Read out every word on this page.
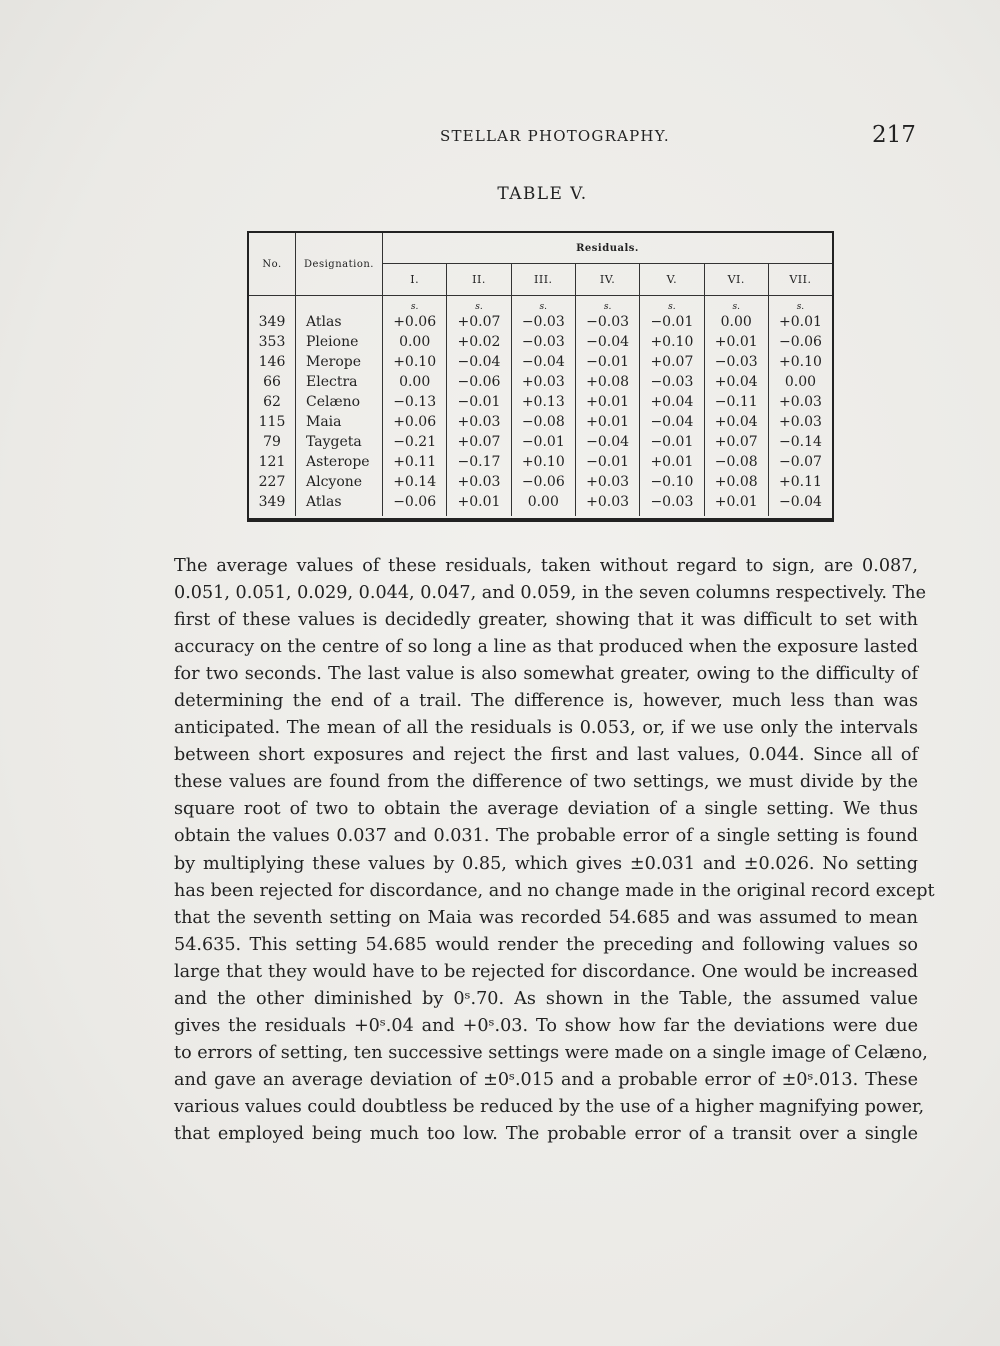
STELLAR PHOTOGRAPHY.	217
TABLE V.
No.	Designation.	Residuals.						
		I.	II.	III.	IV.	V.	VI.	VII.
		s.	s.	s.	s.	s.	s.	s.
349	Atlas	+0.06	+0.07	−0.03	−0.03	−0.01	0.00	+0.01
353	Pleione	0.00	+0.02	−0.03	−0.04	+0.10	+0.01	−0.06
146	Merope	+0.10	−0.04	−0.04	−0.01	+0.07	−0.03	+0.10
66	Electra	0.00	−0.06	+0.03	+0.08	−0.03	+0.04	0.00
62	Celæno	−0.13	−0.01	+0.13	+0.01	+0.04	−0.11	+0.03
115	Maia	+0.06	+0.03	−0.08	+0.01	−0.04	+0.04	+0.03
79	Taygeta	−0.21	+0.07	−0.01	−0.04	−0.01	+0.07	−0.14
121	Asterope	+0.11	−0.17	+0.10	−0.01	+0.01	−0.08	−0.07
227	Alcyone	+0.14	+0.03	−0.06	+0.03	−0.10	+0.08	+0.11
349	Atlas	−0.06	+0.01	0.00	+0.03	−0.03	+0.01	−0.04

The average values of these residuals, taken without regard to sign, are 0.087,
0.051, 0.051, 0.029, 0.044, 0.047, and 0.059, in the seven columns respectively. The
first of these values is decidedly greater, showing that it was difficult to set with
accuracy on the centre of so long a line as that produced when the exposure lasted
for two seconds. The last value is also somewhat greater, owing to the difficulty of
determining the end of a trail. The difference is, however, much less than was
anticipated. The mean of all the residuals is 0.053, or, if we use only the intervals
between short exposures and reject the first and last values, 0.044. Since all of
these values are found from the difference of two settings, we must divide by the
square root of two to obtain the average deviation of a single setting. We thus
obtain the values 0.037 and 0.031. The probable error of a single setting is found
by multiplying these values by 0.85, which gives ±0.031 and ±0.026. No setting
has been rejected for discordance, and no change made in the original record except
that the seventh setting on Maia was recorded 54.685 and was assumed to mean
54.635. This setting 54.685 would render the preceding and following values so
large that they would have to be rejected for discordance. One would be increased
and the other diminished by 0ˢ.70. As shown in the Table, the assumed value
gives the residuals +0ˢ.04 and +0ˢ.03. To show how far the deviations were due
to errors of setting, ten successive settings were made on a single image of Celæno,
and gave an average deviation of ±0ˢ.015 and a probable error of ±0ˢ.013. These
various values could doubtless be reduced by the use of a higher magnifying power,
that employed being much too low. The probable error of a transit over a single
